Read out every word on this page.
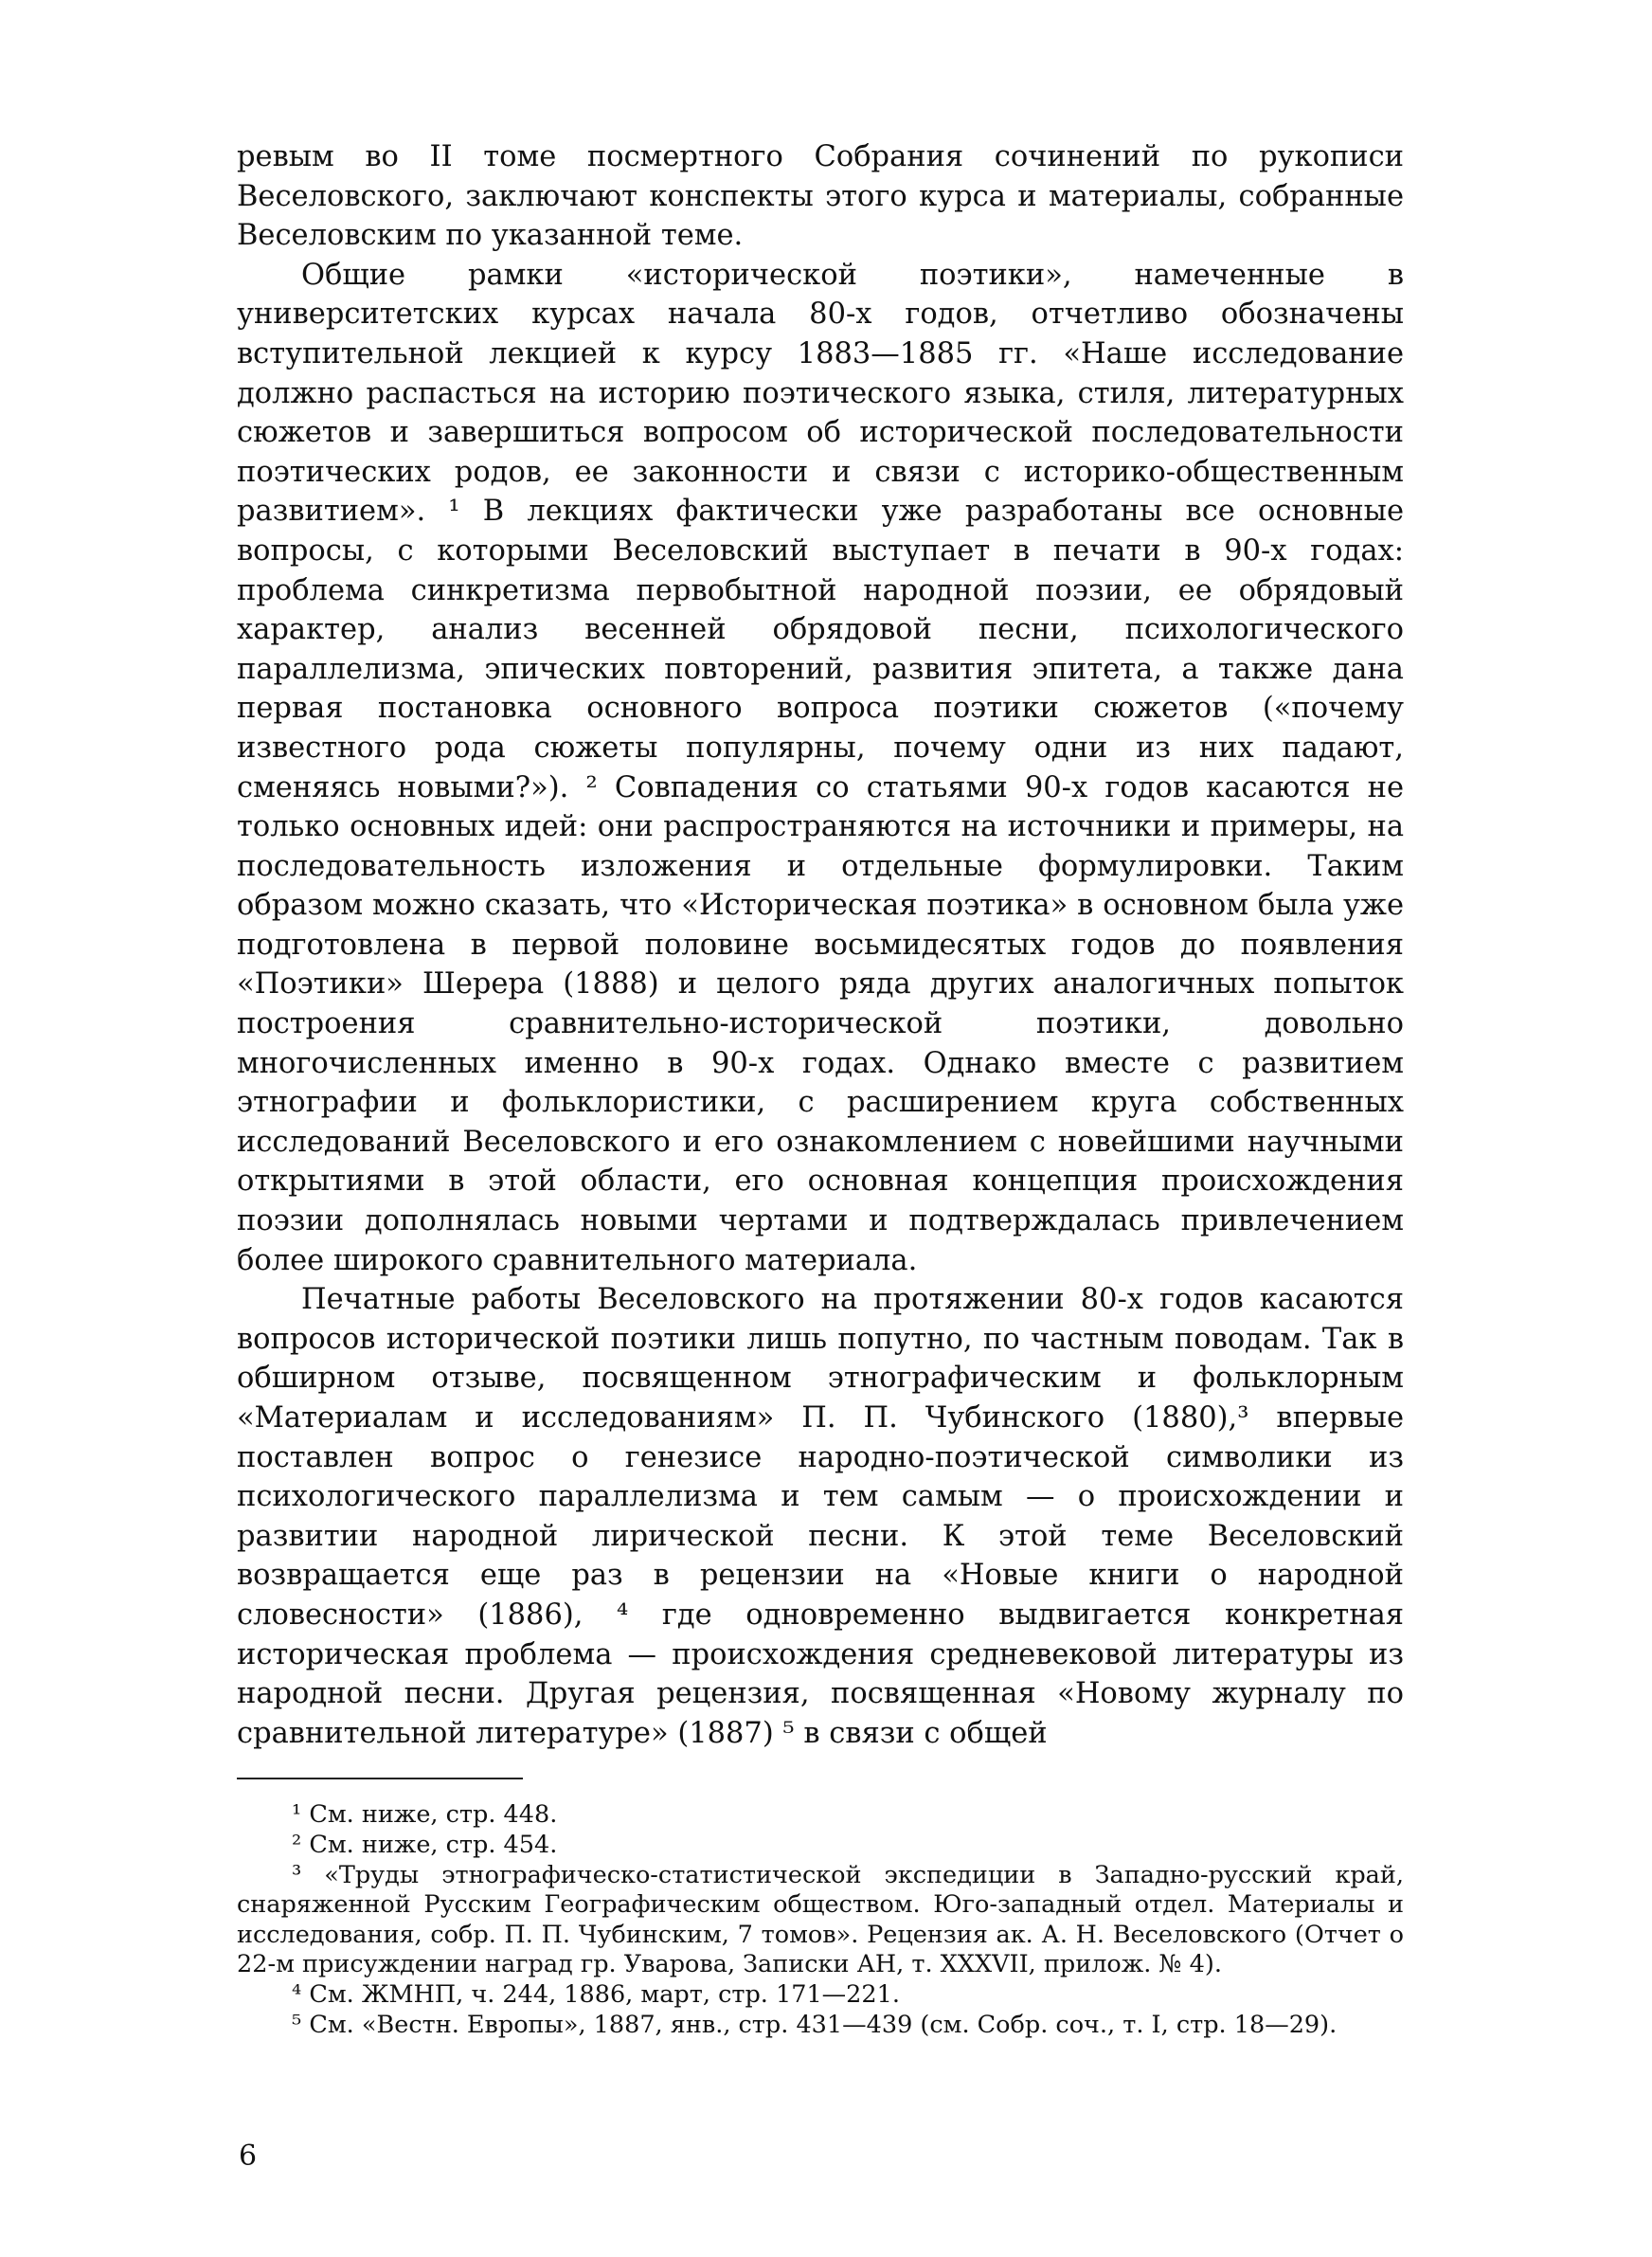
ревым во II томе посмертного Собрания сочинений по рукописи Веселовского, заключают конспекты этого курса и материалы, собранные Веселовским по указанной теме.

Общие рамки «исторической поэтики», намеченные в университетских курсах начала 80-х годов, отчетливо обозначены вступительной лекцией к курсу 1883—1885 гг. «Наше исследование должно распасться на историю поэтического языка, стиля, литературных сюжетов и завершиться вопросом об исторической последовательности поэтических родов, ее законности и связи с историко-общественным развитием». ¹ В лекциях фактически уже разработаны все основные вопросы, с которыми Веселовский выступает в печати в 90-х годах: проблема синкретизма первобытной народной поэзии, ее обрядовый характер, анализ весенней обрядовой песни, психологического параллелизма, эпических повторений, развития эпитета, а также дана первая постановка основного вопроса поэтики сюжетов («почему известного рода сюжеты популярны, почему одни из них падают, сменяясь новыми?»). ² Совпадения со статьями 90-х годов касаются не только основных идей: они распространяются на источники и примеры, на последовательность изложения и отдельные формулировки. Таким образом можно сказать, что «Историческая поэтика» в основном была уже подготовлена в первой половине восьмидесятых годов до появления «Поэтики» Шерера (1888) и целого ряда других аналогичных попыток построения сравнительно-исторической поэтики, довольно многочисленных именно в 90-х годах. Однако вместе с развитием этнографии и фольклористики, с расширением круга собственных исследований Веселовского и его ознакомлением с новейшими научными открытиями в этой области, его основная концепция происхождения поэзии дополнялась новыми чертами и подтверждалась привлечением более широкого сравнительного материала.

Печатные работы Веселовского на протяжении 80-х годов касаются вопросов исторической поэтики лишь попутно, по частным поводам. Так в обширном отзыве, посвященном этнографическим и фольклорным «Материалам и исследованиям» П. П. Чубинского (1880),³ впервые поставлен вопрос о генезисе народно-поэтической символики из психологического параллелизма и тем самым — о происхождении и развитии народной лирической песни. К этой теме Веселовский возвращается еще раз в рецензии на «Новые книги о народной словесности» (1886), ⁴ где одновременно выдвигается конкретная историческая проблема — происхождения средневековой литературы из народной песни. Другая рецензия, посвященная «Новому журналу по сравнительной литературе» (1887) ⁵ в связи с общей

¹ См. ниже, стр. 448.

² См. ниже, стр. 454.

³ «Труды этнографическо-статистической экспедиции в Западно-русский край, снаряженной Русским Географическим обществом. Юго-западный отдел. Материалы и исследования, собр. П. П. Чубинским, 7 томов». Рецензия ак. А. Н. Веселовского (Отчет о 22-м присуждении наград гр. Уварова, Записки АН, т. XXXVII, прилож. № 4).

⁴ См. ЖМНП, ч. 244, 1886, март, стр. 171—221.

⁵ См. «Вестн. Европы», 1887, янв., стр. 431—439 (см. Собр. соч., т. I, стр. 18—29).

6
